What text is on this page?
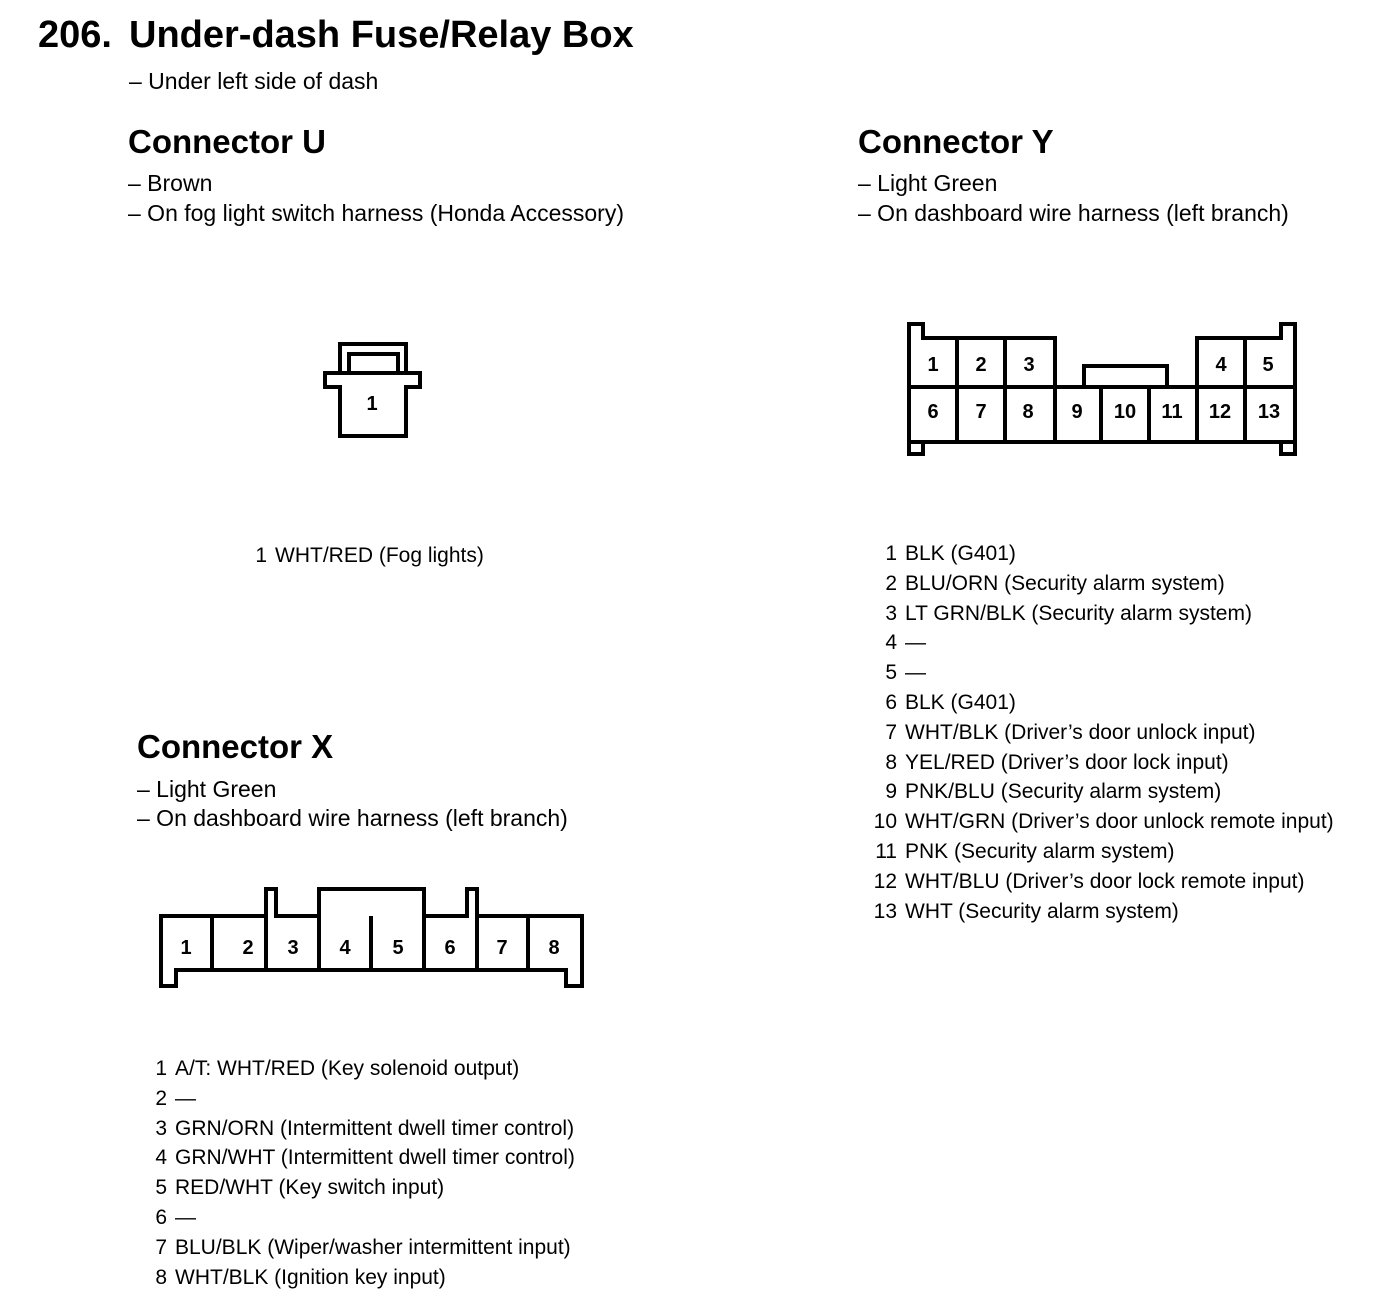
206. Under-dash Fuse/Relay Box
– Under left side of dash
Connector U
– Brown
– On fog light switch harness (Honda Accessory)
1
1 WHT/RED (Fog lights)
Connector Y
– Light Green
– On dashboard wire harness (left branch)
1 2 3	4 5
6 7 8 9 10 11 12 13
1 BLK (G401)
2 BLU/ORN (Security alarm system)
3 LT GRN/BLK (Security alarm system)
4 —
5 —
6 BLK (G401)
7 WHT/BLK (Driver’s door unlock input)
8 YEL/RED (Driver’s door lock input)
9 PNK/BLU (Security alarm system)
10 WHT/GRN (Driver’s door unlock remote input)
11 PNK (Security alarm system)
12 WHT/BLU (Driver’s door lock remote input)
13 WHT (Security alarm system)
Connector X
– Light Green
– On dashboard wire harness (left branch)
1	2 3 4 5 6 7 8
1 A/T: WHT/RED (Key solenoid output)
2 —
3 GRN/ORN (Intermittent dwell timer control)
4 GRN/WHT (Intermittent dwell timer control)
5 RED/WHT (Key switch input)
6 —
7 BLU/BLK (Wiper/washer intermittent input)
8 WHT/BLK (Ignition key input)
